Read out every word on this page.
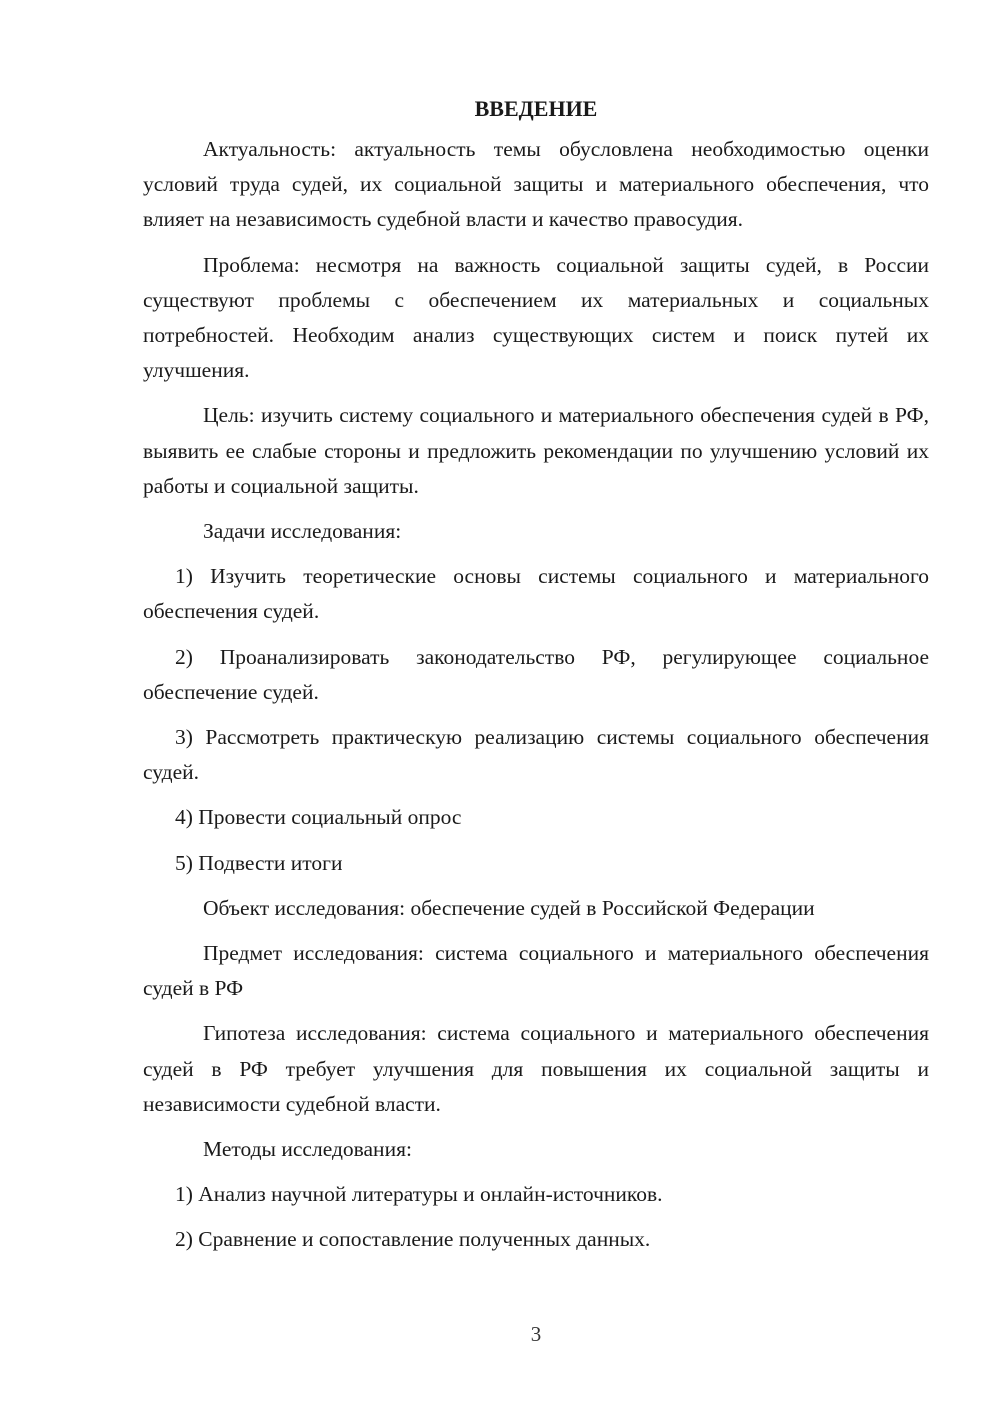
ВВЕДЕНИЕ

Актуальность: актуальность темы обусловлена необходимостью оценки условий труда судей, их социальной защиты и материального обеспечения, что влияет на независимость судебной власти и качество правосудия.

Проблема: несмотря на важность социальной защиты судей, в России существуют проблемы с обеспечением их материальных и социальных потребностей. Необходим анализ существующих систем и поиск путей их улучшения.

Цель: изучить систему социального и материального обеспечения судей в РФ, выявить ее слабые стороны и предложить рекомендации по улучшению условий их работы и социальной защиты.

Задачи исследования:

1) Изучить теоретические основы системы социального и материального обеспечения судей.

2) Проанализировать законодательство РФ, регулирующее социальное обеспечение судей.

3) Рассмотреть практическую реализацию системы социального обеспечения судей.

4) Провести социальный опрос

5) Подвести итоги

Объект исследования: обеспечение судей в Российской Федерации

Предмет исследования: система социального и материального обеспечения судей в РФ

Гипотеза исследования: система социального и материального обеспечения судей в РФ требует улучшения для повышения их социальной защиты и независимости судебной власти.

Методы исследования:

1) Анализ научной литературы и онлайн-источников.

2) Сравнение и сопоставление полученных данных.

3
